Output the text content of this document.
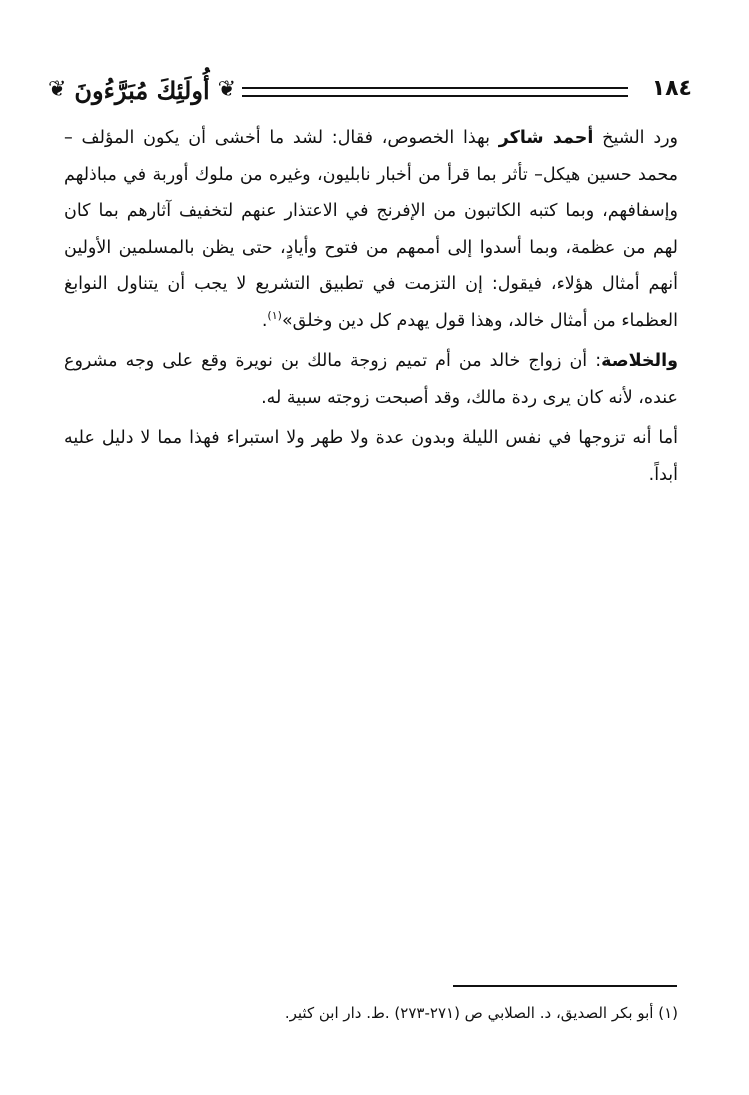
❦
أُولَئِكَ مُبَرَّءُونَ
❦	١٨٤

ورد الشيخ أحمد شاكر بهذا الخصوص، فقال: لشد ما أخشى أن يكون المؤلف – محمد حسين هيكل– تأثر بما قرأ من أخبار نابليون، وغيره من ملوك أوربة في مباذلهم وإسفافهم، وبما كتبه الكاتبون من الإفرنج في الاعتذار عنهم لتخفيف آثارهم بما كان لهم من عظمة، وبما أسدوا إلى أممهم من فتوح وأيادٍ، حتى يظن بالمسلمين الأولين أنهم أمثال هؤلاء، فيقول: إن التزمت في تطبيق التشريع لا يجب أن يتناول النوابغ العظماء من أمثال خالد، وهذا قول يهدم كل دين وخلق»$^{(١)}$.

والخلاصة: أن زواج خالد من أم تميم زوجة مالك بن نويرة وقع على وجه مشروع عنده، لأنه كان يرى ردة مالك، وقد أصبحت زوجته سبية له.

أما أنه تزوجها في نفس الليلة وبدون عدة ولا طهر ولا استبراء فهذا مما لا دليل عليه أبداً.

(١) أبو بكر الصديق، د. الصلابي ص (٢٧١-٢٧٣) .ط. دار ابن كثير.
